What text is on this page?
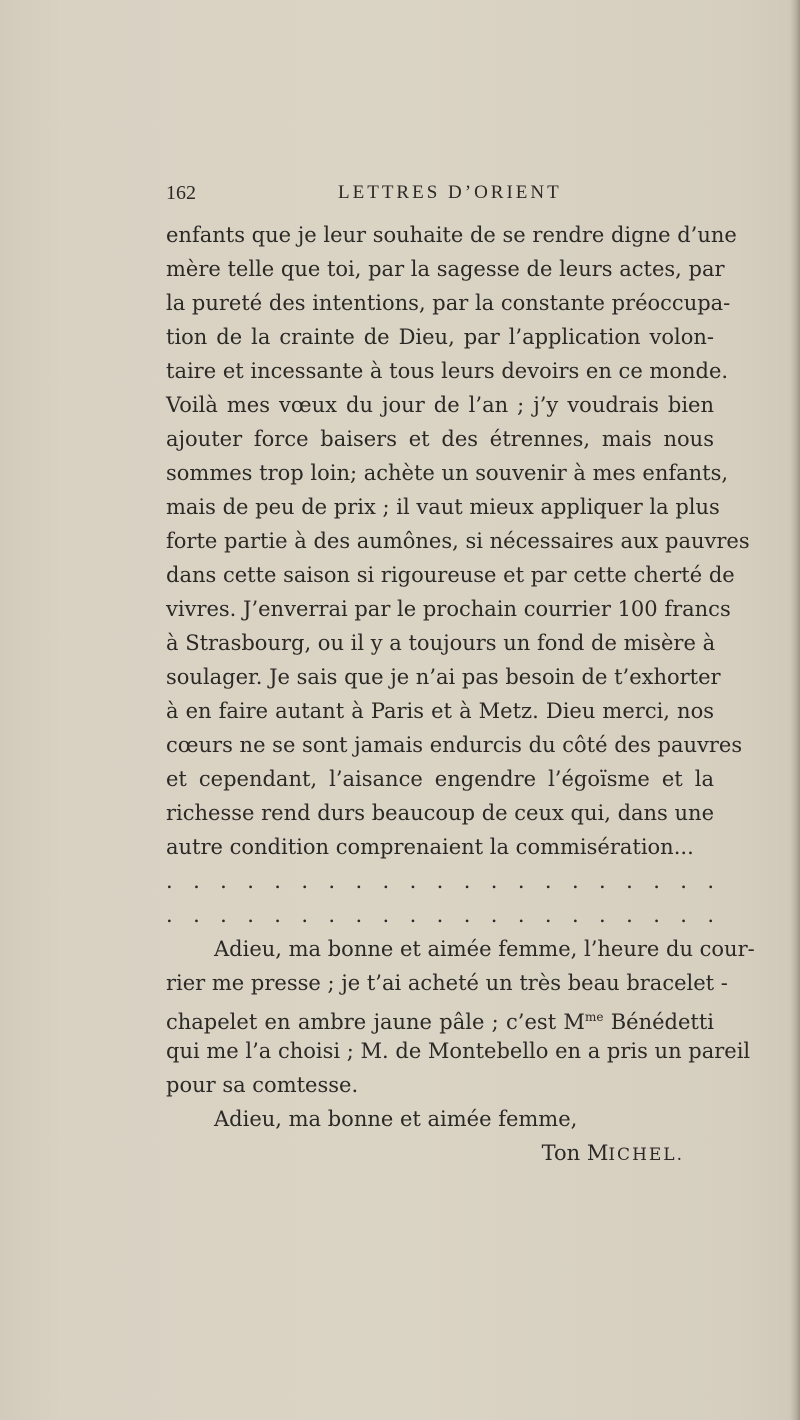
162	LETTRES D’ORIENT
enfants que je leur souhaite de se rendre digne d’une
mère telle que toi, par la sagesse de leurs actes, par
la pureté des intentions, par la constante préoccupa-
tion de la crainte de Dieu, par l’application volon-
taire et incessante à tous leurs devoirs en ce monde.
Voilà mes vœux du jour de l’an ; j’y voudrais bien
ajouter force baisers et des étrennes, mais nous
sommes trop loin; achète un souvenir à mes enfants,
mais de peu de prix ; il vaut mieux appliquer la plus
forte partie à des aumônes, si nécessaires aux pauvres
dans cette saison si rigoureuse et par cette cherté de
vivres. J’enverrai par le prochain courrier 100 francs
à Strasbourg, ou il y a toujours un fond de misère à
soulager. Je sais que je n’ai pas besoin de t’exhorter
à en faire autant à Paris et à Metz. Dieu merci, nos
cœurs ne se sont jamais endurcis du côté des pauvres
et cependant, l’aisance engendre l’égoïsme et la
richesse rend durs beaucoup de ceux qui, dans une
autre condition comprenaient la commisération...
. . . . . . . . . . . . . . . . . . . . .
. . . . . . . . . . . . . . . . . . . . .
Adieu, ma bonne et aimée femme, l’heure du cour-
rier me presse ; je t’ai acheté un très beau bracelet -
chapelet en ambre jaune pâle ; c’est $M^{me}$ Bénédetti
qui me l’a choisi ; M. de Montebello en a pris un pareil
pour sa comtesse.
Adieu, ma bonne et aimée femme,
Ton MICHEL.
